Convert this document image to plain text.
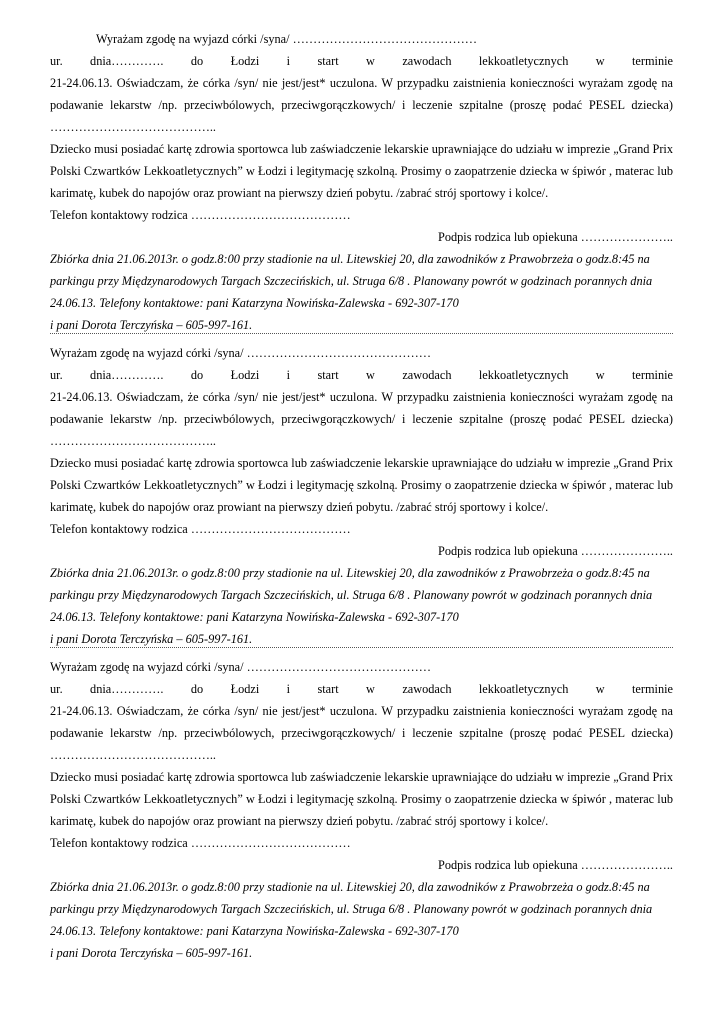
Wyrażam zgodę na wyjazd córki /syna/ ………………………………………
ur. dnia…………. do Łodzi i start w zawodach lekkoatletycznych w terminie
21-24.06.13. Oświadczam, że córka /syn/ nie jest/jest* uczulona. W przypadku zaistnienia konieczności wyrażam zgodę na
podawanie lekarstw /np. przeciwbólowych, przeciwgorączkowych/ i leczenie szpitalne (proszę podać PESEL dziecka)
…………………………………..
Dziecko musi posiadać kartę zdrowia sportowca lub zaświadczenie lekarskie uprawniające do udziału w imprezie „Grand Prix
Polski Czwartków Lekkoatletycznych” w Łodzi i legitymację szkolną. Prosimy o zaopatrzenie dziecka w śpiwór , materac lub
karimatę, kubek do napojów oraz prowiant na pierwszy dzień pobytu. /zabrać strój sportowy i kolce/.
Telefon kontaktowy rodzica …………………………………
Podpis rodzica lub opiekuna …………………..
Zbiórka dnia 21.06.2013r. o godz.8:00 przy stadionie na ul. Litewskiej 20, dla zawodników z Prawobrzeża o godz.8:45 na
parkingu przy Międzynarodowych Targach Szczecińskich, ul. Struga 6/8 . Planowany powrót w godzinach porannych dnia
24.06.13. Telefony kontaktowe: pani Katarzyna Nowińska-Zalewska - 692-307-170
i pani Dorota Terczyńska – 605-997-161.
Wyrażam zgodę na wyjazd córki /syna/ ………………………………………
ur. dnia…………. do Łodzi i start w zawodach lekkoatletycznych w terminie
21-24.06.13. Oświadczam, że córka /syn/ nie jest/jest* uczulona. W przypadku zaistnienia konieczności wyrażam zgodę na
podawanie lekarstw /np. przeciwbólowych, przeciwgorączkowych/ i leczenie szpitalne (proszę podać PESEL dziecka)
…………………………………..
Dziecko musi posiadać kartę zdrowia sportowca lub zaświadczenie lekarskie uprawniające do udziału w imprezie „Grand Prix
Polski Czwartków Lekkoatletycznych” w Łodzi i legitymację szkolną. Prosimy o zaopatrzenie dziecka w śpiwór , materac lub
karimatę, kubek do napojów oraz prowiant na pierwszy dzień pobytu. /zabrać strój sportowy i kolce/.
Telefon kontaktowy rodzica …………………………………
Podpis rodzica lub opiekuna …………………..
Zbiórka dnia 21.06.2013r. o godz.8:00 przy stadionie na ul. Litewskiej 20, dla zawodników z Prawobrzeża o godz.8:45 na
parkingu przy Międzynarodowych Targach Szczecińskich, ul. Struga 6/8 . Planowany powrót w godzinach porannych dnia
24.06.13. Telefony kontaktowe: pani Katarzyna Nowińska-Zalewska - 692-307-170
i pani Dorota Terczyńska – 605-997-161.
Wyrażam zgodę na wyjazd córki /syna/ ………………………………………
ur. dnia…………. do Łodzi i start w zawodach lekkoatletycznych w terminie
21-24.06.13. Oświadczam, że córka /syn/ nie jest/jest* uczulona. W przypadku zaistnienia konieczności wyrażam zgodę na
podawanie lekarstw /np. przeciwbólowych, przeciwgorączkowych/ i leczenie szpitalne (proszę podać PESEL dziecka)
…………………………………..
Dziecko musi posiadać kartę zdrowia sportowca lub zaświadczenie lekarskie uprawniające do udziału w imprezie „Grand Prix
Polski Czwartków Lekkoatletycznych” w Łodzi i legitymację szkolną. Prosimy o zaopatrzenie dziecka w śpiwór , materac lub
karimatę, kubek do napojów oraz prowiant na pierwszy dzień pobytu. /zabrać strój sportowy i kolce/.
Telefon kontaktowy rodzica …………………………………
Podpis rodzica lub opiekuna …………………..
Zbiórka dnia 21.06.2013r. o godz.8:00 przy stadionie na ul. Litewskiej 20, dla zawodników z Prawobrzeża o godz.8:45 na
parkingu przy Międzynarodowych Targach Szczecińskich, ul. Struga 6/8 . Planowany powrót w godzinach porannych dnia
24.06.13. Telefony kontaktowe: pani Katarzyna Nowińska-Zalewska - 692-307-170
i pani Dorota Terczyńska – 605-997-161.
